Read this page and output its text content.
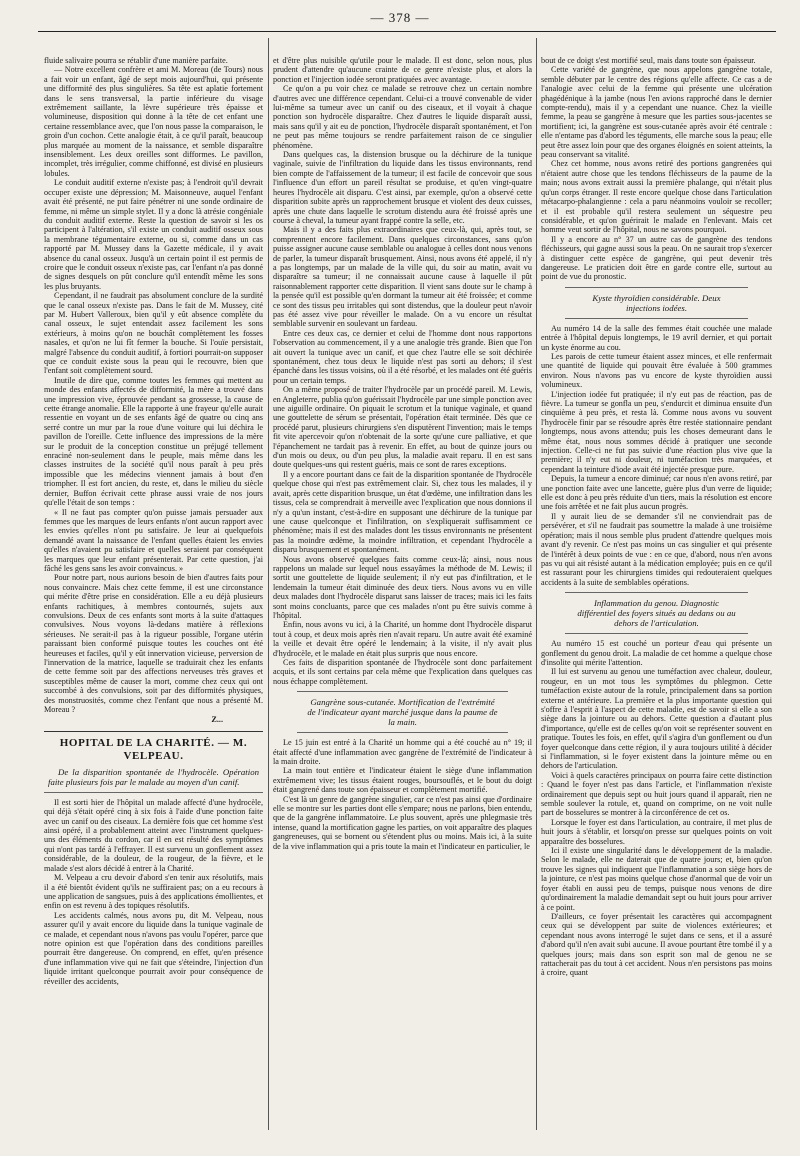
— 378 —

fluide salivaire pourra se rétablir d'une manière parfaite.

— Notre excellent confrère et ami M. Moreau (de Tours) nous a fait voir un enfant, âgé de sept mois aujourd'hui, qui présente une difformité des plus singulières. Sa tête est aplatie fortement dans le sens transversal, la partie inférieure du visage extrêmement saillante, la lèvre supérieure très épaisse et volumineuse, disposition qui donne à la tête de cet enfant une certaine ressemblance avec, que l'on nous passe la comparaison, le groin d'un cochon. Cette analogie était, à ce qu'il paraît, beaucoup plus marquée au moment de la naissance, et semble disparaître insensiblement. Les deux oreilles sont difformes. Le pavillon, incomplet, très irrégulier, comme chiffonné, est divisé en plusieurs lobules.

Le conduit auditif externe n'existe pas; à l'endroit qu'il devrait occuper existe une dépression; M. Maisonneuve, auquel l'enfant avait été présenté, ne put faire pénétrer ni une sonde ordinaire de femme, ni même un simple stylet. Il y a donc là atrésie congéniale du conduit auditif externe. Reste la question de savoir si les os participent à l'altération, s'il existe un conduit auditif osseux sous la membrane tégumentaire externe, ou si, comme dans un cas rapporté par M. Mussey dans la Gazette médicale, il y avait absence du canal osseux. Jusqu'à un certain point il est permis de croire que le conduit osseux n'existe pas, car l'enfant n'a pas donné de signes desquels on pût conclure qu'il entendît même les sons les plus bruyants.

Cependant, il ne faudrait pas absolument conclure de la surdité que le canal osseux n'existe pas. Dans le fait de M. Mussey, cité par M. Hubert Valleroux, bien qu'il y eût absence complète du canal osseux, le sujet entendait assez facilement les sons extérieurs, à moins qu'on ne bouchât complètement les fosses nasales, et qu'on ne lui fît fermer la bouche. Si l'ouïe persistait, malgré l'absence du conduit auditif, à fortiori pourrait-on supposer que ce conduit existe sous la peau qui le recouvre, bien que l'enfant soit complètement sourd.

Inutile de dire que, comme toutes les femmes qui mettent au monde des enfants affectés de difformité, la mère a trouvé dans une impression vive, éprouvée pendant sa grossesse, la cause de cette étrange anomalie. Elle la rapporte à une frayeur qu'elle aurait ressentie en voyant un de ses enfants âgé de quatre ou cinq ans serré contre un mur par la roue d'une voiture qui lui déchira le pavillon de l'oreille. Cette influence des impressions de la mère sur le produit de la conception constitue un préjugé tellement enraciné non-seulement dans le peuple, mais même dans les classes instruites de la société qu'il nous paraît à peu près impossible que les médecins viennent jamais à bout d'en triompher. Il est fort ancien, du reste, et, dans le milieu du siècle dernier, Buffon écrivait cette phrase aussi vraie de nos jours qu'elle l'était de son temps :

« Il ne faut pas compter qu'on puisse jamais persuader aux femmes que les marques de leurs enfants n'ont aucun rapport avec les envies qu'elles n'ont pu satisfaire. Je leur ai quelquefois demandé avant la naissance de l'enfant quelles étaient les envies qu'elles n'avaient pu satisfaire et quelles seraient par conséquent les marques que leur enfant présenterait. Par cette question, j'ai fâché les gens sans les avoir convaincus. »

Pour notre part, nous aurions besoin de bien d'autres faits pour nous convaincre. Mais chez cette femme, il est une circonstance qui mérite d'être prise en considération. Elle a eu déjà plusieurs enfants rachitiques, à membres contournés, sujets aux convulsions. Deux de ces enfants sont morts à la suite d'attaques convulsives. Nous voyons là-dedans matière à réflexions sérieuses. Ne serait-il pas à la rigueur possible, l'organe utérin paraissant bien conformé puisque toutes les couches ont été heureuses et faciles, qu'il y eût innervation vicieuse, perversion de l'innervation de la matrice, laquelle se traduirait chez les enfants de cette femme soit par des affections nerveuses très graves et susceptibles même de causer la mort, comme chez ceux qui ont succombé à des convulsions, soit par des difformités physiques, des monstruosités, comme chez l'enfant que nous a présenté M. Moreau ?

Z...
HOPITAL DE LA CHARITÉ. — M. VELPEAU.
De la disparition spontanée de l'hydrocèle. Opération faite plusieurs fois par le malade au moyen d'un canif.

Il est sorti hier de l'hôpital un malade affecté d'une hydrocèle, qui déjà s'était opéré cinq à six fois à l'aide d'une ponction faite avec un canif ou des ciseaux. La dernière fois que cet homme s'est ainsi opéré, il a probablement atteint avec l'instrument quelques-uns des éléments du cordon, car il en est résulté des symptômes qui n'ont pas tardé à l'effrayer. Il est survenu un gonflement assez considérable, de la douleur, de la rougeur, de la fièvre, et le malade s'est alors décidé à entrer à la Charité.

M. Velpeau a cru devoir d'abord s'en tenir aux résolutifs, mais il a été bientôt évident qu'ils ne suffiraient pas; on a eu recours à une application de sangsues, puis à des applications émollientes, et enfin on est revenu à des topiques résolutifs.

Les accidents calmés, nous avons pu, dit M. Velpeau, nous assurer qu'il y avait encore du liquide dans la tunique vaginale de ce malade, et cependant nous n'avons pas voulu l'opérer, parce que notre opinion est que l'opération dans des conditions pareilles pourrait être dangereuse. On comprend, en effet, qu'en présence d'une inflammation vive qui ne fait que s'éteindre, l'injection d'un liquide irritant quelconque pourrait avoir pour conséquence de réveiller des accidents,

et d'être plus nuisible qu'utile pour le malade. Il est donc, selon nous, plus prudent d'attendre qu'aucune crainte de ce genre n'existe plus, et alors la ponction et l'injection iodée seront pratiquées avec avantage.

Ce qu'on a pu voir chez ce malade se retrouve chez un certain nombre d'autres avec une différence cependant. Celui-ci a trouvé convenable de vider lui-même sa tumeur avec un canif ou des ciseaux, et il voyait à chaque ponction son hydrocèle disparaître. Chez d'autres le liquide disparaît aussi, mais sans qu'il y ait eu de ponction, l'hydrocèle disparaît spontanément, et l'on ne peut pas même toujours se rendre parfaitement raison de ce singulier phénomène.

Dans quelques cas, la distension brusque ou la déchirure de la tunique vaginale, suivie de l'infiltration du liquide dans les tissus environnants, rend bien compte de l'affaissement de la tumeur; il est facile de concevoir que sous l'influence d'un effort un pareil résultat se produise, et qu'en vingt-quatre heures l'hydrocèle ait disparu. C'est ainsi, par exemple, qu'on a observé cette disparition subite après un rapprochement brusque et violent des deux cuisses, après une chute dans laquelle le scrotum distendu aura été froissé après une course à cheval, la tumeur ayant frappé contre la selle, etc.

Mais il y a des faits plus extraordinaires que ceux-là, qui, après tout, se comprennent encore facilement. Dans quelques circonstances, sans qu'on puisse assigner aucune cause semblable ou analogue à celles dont nous venons de parler, la tumeur disparaît brusquement. Ainsi, nous avons été appelé, il n'y a pas longtemps, par un malade de la ville qui, du soir au matin, avait vu disparaître sa tumeur; il ne connaissait aucune cause à laquelle il pût raisonnablement rapporter cette disparition. Il vient sans doute sur le champ à la pensée qu'il est possible qu'en dormant la tumeur ait été froissée; et comme ce sont des tissus peu irritables qui sont distendus, que la douleur peut n'avoir pas été assez vive pour réveiller le malade. On a vu encore un résultat semblable survenir en soulevant un fardeau.

Entre ces deux cas, ce dernier et celui de l'homme dont nous rapportons l'observation au commencement, il y a une analogie très grande. Bien que l'on ait ouvert la tunique avec un canif, et que chez l'autre elle se soit déchirée spontanément, chez tous deux le liquide n'est pas sorti au dehors; il s'est épanché dans les tissus voisins, où il a été résorbé, et les malades ont été guéris pour un certain temps.

On a même proposé de traiter l'hydrocèle par un procédé pareil. M. Lewis, en Angleterre, publia qu'on guérissait l'hydrocèle par une simple ponction avec une aiguille ordinaire. On piquait le scrotum et la tunique vaginale, et quand une gouttelette de sérum se présentait, l'opération était terminée. Dès que ce procédé parut, plusieurs chirurgiens s'en disputèrent l'invention; mais le temps fit vite apercevoir qu'on n'obtenait de la sorte qu'une cure palliative, et que l'épanchement ne tardait pas à revenir. En effet, au bout de quinze jours ou d'un mois ou deux, ou d'un peu plus, la maladie avait reparu. Il en est sans doute quelques-uns qui restent guéris, mais ce sont de rares exceptions.

Il y a encore pourtant dans ce fait de la disparition spontanée de l'hydrocèle quelque chose qui n'est pas extrêmement clair. Si, chez tous les malades, il y avait, après cette disparition brusque, un état d'œdème, une infiltration dans les tissus, cela se comprendrait à merveille avec l'explication que nous donnions il n'y a qu'un instant, c'est-à-dire en supposant une déchirure de la tunique par une cause quelconque et l'infiltration, on s'expliquerait suffisamment ce phénomène; mais il est des malades dont les tissus environnants ne présentent pas la moindre œdème, la moindre infiltration, et cependant l'hydrocèle a disparu brusquement et spontanément.

Nous avons observé quelques faits comme ceux-là; ainsi, nous nous rappelons un malade sur lequel nous essayâmes la méthode de M. Lewis; il sortit une gouttelette de liquide seulement; il n'y eut pas d'infiltration, et le lendemain la tumeur était diminuée des deux tiers. Nous avons vu en ville deux malades dont l'hydrocèle disparut sans laisser de traces; mais ici les faits sont moins concluants, parce que ces malades n'ont pu être suivis comme à l'hôpital.

Enfin, nous avons vu ici, à la Charité, un homme dont l'hydrocèle disparut tout à coup, et deux mois après rien n'avait reparu. Un autre avait été examiné la veille et devait être opéré le lendemain; à la visite, il n'y avait plus d'hydrocèle, et le malade en était plus surpris que nous encore.

Ces faits de disparition spontanée de l'hydrocèle sont donc parfaitement acquis, et ils sont certains par cela même que l'explication dans quelques cas nous échappe complètement.

Gangrène sous-cutanée. Mortification de l'extrémité de l'indicateur ayant marché jusque dans la paume de la main.

Le 15 juin est entré à la Charité un homme qui a été couché au n° 19; il était affecté d'une inflammation avec gangrène de l'extrémité de l'indicateur à la main droite.

La main tout entière et l'indicateur étaient le siège d'une inflammation extrêmement vive; les tissus étaient rouges, boursouflés, et le bout du doigt était gangrené dans toute son épaisseur et complètement mortifié.

C'est là un genre de gangrène singulier, car ce n'est pas ainsi que d'ordinaire elle se montre sur les parties dont elle s'empare; nous ne parlons, bien entendu, que de la gangrène inflammatoire. Le plus souvent, après une phlegmasie très intense, quand la mortification gagne les parties, on voit apparaître des plaques gangreneuses, qui se bornent ou s'étendent plus ou moins. Mais ici, à la suite de la vive inflammation qui a pris toute la main et l'indicateur en particulier, le

bout de ce doigt s'est mortifié seul, mais dans toute son épaisseur.

Cette variété de gangrène, que nous appelons gangrène totale, semble débuter par le centre des régions qu'elle affecte. Ce cas a de l'analogie avec celui de la femme qui présente une ulcération phagédénique à la jambe (nous l'en avions rapproché dans le dernier compte-rendu), mais il y a cependant une nuance. Chez la vieille femme, la peau se gangrène à mesure que les parties sous-jacentes se mortifient; ici, la gangrène est sous-cutanée après avoir été centrale : elle n'entame pas d'abord les téguments, elle marche sous la peau; elle peut être assez loin pour que des organes éloignés en soient atteints, la peau conservant sa vitalité.

Chez cet homme, nous avons retiré des portions gangrenées qui n'étaient autre chose que les tendons fléchisseurs de la paume de la main; nous avons extrait aussi la première phalange, qui n'était plus qu'un corps étranger. Il reste encore quelque chose dans l'articulation métacarpo-phalangienne : cela a paru néanmoins vouloir se recoller; et il est probable qu'il restera seulement un séquestre peu considérable, et qu'on guérirait le malade en l'enlevant. Mais cet homme veut sortir de l'hôpital, nous ne savons pourquoi.

Il y a encore au n° 37 un autre cas de gangrène des tendons fléchisseurs, qui gagne aussi sous la peau. On ne saurait trop s'exercer à distinguer cette espèce de gangrène, qui peut devenir très dangereuse. Le praticien doit être en garde contre elle, surtout au point de vue du pronostic.

Kyste thyroïdien considérable. Deux injections iodées.

Au numéro 14 de la salle des femmes était couchée une malade entrée à l'hôpital depuis longtemps, le 19 avril dernier, et qui portait un kyste énorme au cou.

Les parois de cette tumeur étaient assez minces, et elle renfermait une quantité de liquide qui pouvait être évaluée à 500 grammes environ. Nous n'avons pas vu encore de kyste thyroïdien aussi volumineux.

L'injection iodée fut pratiquée; il n'y eut pas de réaction, pas de fièvre. La tumeur se gonfla un peu, s'endurcit et diminua ensuite d'un cinquième à peu près, et resta là. Comme nous avons vu souvent l'hydrocèle finir par se résoudre après être restée stationnaire pendant longtemps, nous avons attendu; puis les choses demeurant dans le même état, nous nous sommes décidé à pratiquer une seconde injection. Celle-ci ne fut pas suivie d'une réaction plus vive que la première; il n'y eut ni douleur, ni tuméfaction très marquées, et cependant la teinture d'iode avait été injectée presque pure.

Depuis, la tumeur a encore diminué; car nous n'en avons retiré, par une ponction faite avec une lancette, guère plus d'un verre de liquide; elle est donc à peu près réduite d'un tiers, mais la résolution est encore une fois arrêtée et ne fait plus aucun progrès.

Il y aurait lieu de se demander s'il ne conviendrait pas de persévérer, et s'il ne faudrait pas soumettre la malade à une troisième opération; mais il nous semble plus prudent d'attendre quelques mois avant d'y revenir. Ce n'est pas moins un cas singulier et qui présente de l'intérêt à deux points de vue : en ce que, d'abord, nous n'en avons pas vu qui ait résisté autant à la médication employée; puis en ce qu'il est rassurant pour les chirurgiens timides qui redouteraient quelques accidents à la suite de semblables opérations.

Inflammation du genou. Diagnostic différentiel des foyers situés au dedans ou au dehors de l'articulation.

Au numéro 15 est couché un porteur d'eau qui présente un gonflement du genou droit. La maladie de cet homme a quelque chose d'insolite qui mérite l'attention.

Il lui est survenu au genou une tuméfaction avec chaleur, douleur, rougeur, en un mot tous les symptômes du phlegmon. Cette tuméfaction existe autour de la rotule, principalement dans sa portion externe et antérieure. La première et la plus importante question qui s'offre à l'esprit à l'aspect de cette maladie, est de savoir si elle a son siège dans la jointure ou au dehors. Cette question a d'autant plus d'importance, qu'elle est de celles qu'on voit se représenter souvent en pratique. Toutes les fois, en effet, qu'il s'agira d'un gonflement ou d'un foyer quelconque dans cette région, il y aura toujours utilité à décider si l'inflammation, si le foyer existent dans la jointure même ou en dehors de l'articulation.

Voici à quels caractères principaux on pourra faire cette distinction : Quand le foyer n'est pas dans l'article, et l'inflammation n'existe ordinairement que depuis sept ou huit jours quand il apparaît, rien ne semble soulever la rotule, et, quand on comprime, on ne voit nulle part de bosselures se montrer à la circonférence de cet os.

Lorsque le foyer est dans l'articulation, au contraire, il met plus de huit jours à s'établir, et lorsqu'on presse sur quelques points on voit apparaître des bosselures.

Ici il existe une singularité dans le développement de la maladie. Selon le malade, elle ne daterait que de quatre jours; et, bien qu'on trouve les signes qui indiquent que l'inflammation a son siège hors de la jointure, ce n'est pas moins quelque chose d'anormal que de voir un foyer établi en aussi peu de temps, puisque nous venons de dire qu'ordinairement la maladie demandait sept ou huit jours pour arriver à ce point.

D'ailleurs, ce foyer présentait les caractères qui accompagnent ceux qui se développent par suite de violences extérieures; et cependant nous avons interrogé le sujet dans ce sens, et il a assuré d'abord qu'il n'en avait subi aucune. Il avoue pourtant être tombé il y a quelques jours; mais dans son esprit son mal de genou ne se rattacherait pas du tout à cet accident. Nous n'en persistons pas moins à croire, quant
